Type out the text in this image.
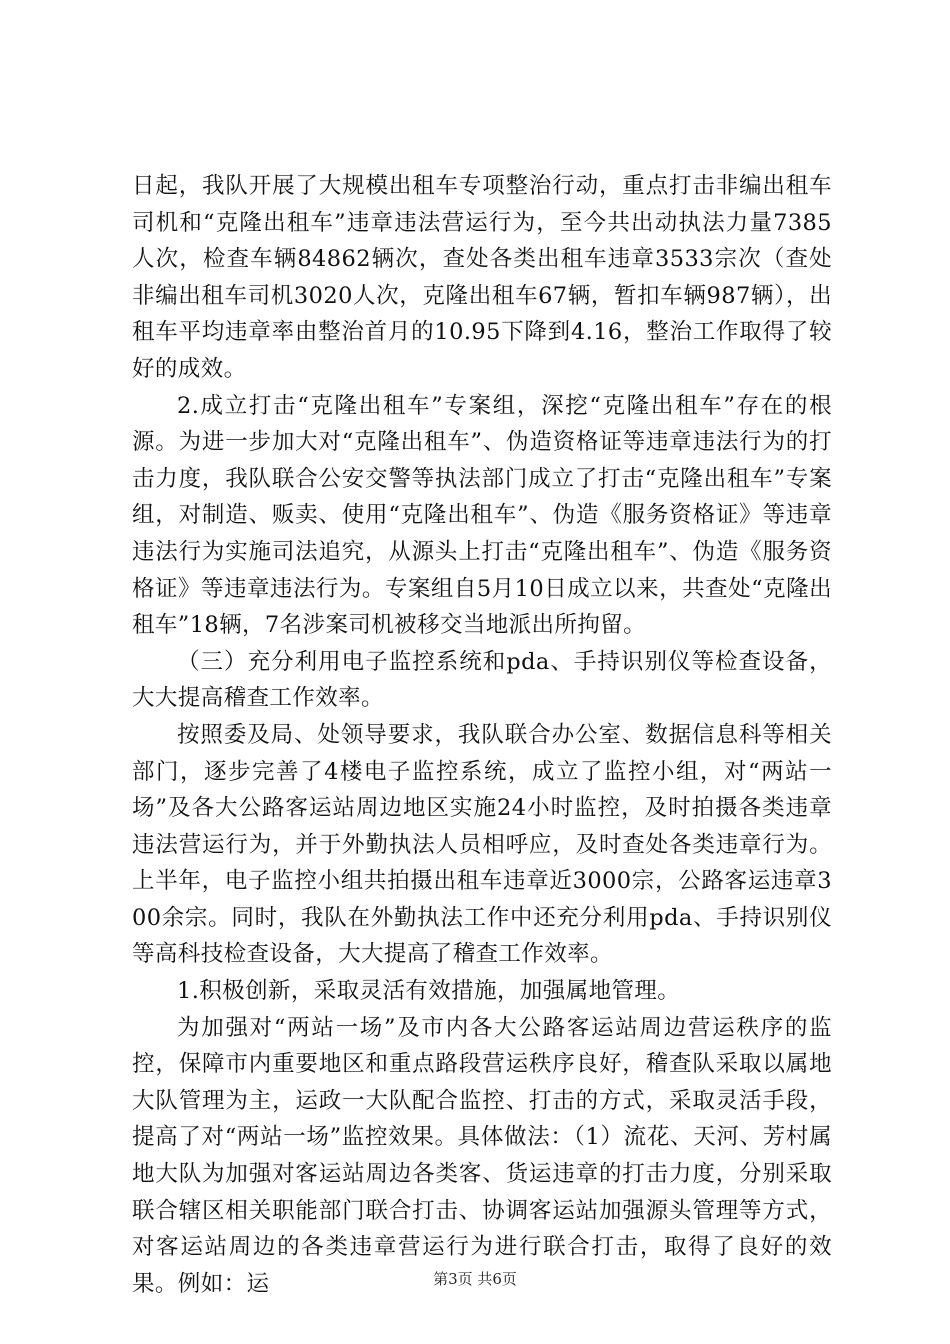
日起，我队开展了大规模出租车专项整治行动，重点打击非编出租车司机和“克隆出租车”违章违法营运行为，至今共出动执法力量7385人次，检查车辆84862辆次，查处各类出租车违章3533宗次（查处非编出租车司机3020人次，克隆出租车67辆，暂扣车辆987辆），出租车平均违章率由整治首月的10.95下降到4.16，整治工作取得了较好的成效。

2.成立打击“克隆出租车”专案组，深挖“克隆出租车”存在的根源。为进一步加大对“克隆出租车”、伪造资格证等违章违法行为的打击力度，我队联合公安交警等执法部门成立了打击“克隆出租车”专案组，对制造、贩卖、使用“克隆出租车”、伪造《服务资格证》等违章违法行为实施司法追究，从源头上打击“克隆出租车”、伪造《服务资格证》等违章违法行为。专案组自5月10日成立以来，共查处“克隆出租车”18辆，7名涉案司机被移交当地派出所拘留。

（三）充分利用电子监控系统和pda、手持识别仪等检查设备，大大提高稽查工作效率。

按照委及局、处领导要求，我队联合办公室、数据信息科等相关部门，逐步完善了4楼电子监控系统，成立了监控小组，对“两站一场”及各大公路客运站周边地区实施24小时监控，及时拍摄各类违章违法营运行为，并于外勤执法人员相呼应，及时查处各类违章行为。上半年，电子监控小组共拍摄出租车违章近3000宗，公路客运违章300余宗。同时，我队在外勤执法工作中还充分利用pda、手持识别仪等高科技检查设备，大大提高了稽查工作效率。

1.积极创新，采取灵活有效措施，加强属地管理。

为加强对“两站一场”及市内各大公路客运站周边营运秩序的监控，保障市内重要地区和重点路段营运秩序良好，稽查队采取以属地大队管理为主，运政一大队配合监控、打击的方式，采取灵活手段，提高了对“两站一场”监控效果。具体做法：（1）流花、天河、芳村属地大队为加强对客运站周边各类客、货运违章的打击力度，分别采取联合辖区相关职能部门联合打击、协调客运站加强源头管理等方式，对客运站周边的各类违章营运行为进行联合打击，取得了良好的效果。例如：运	第3页 共6页
